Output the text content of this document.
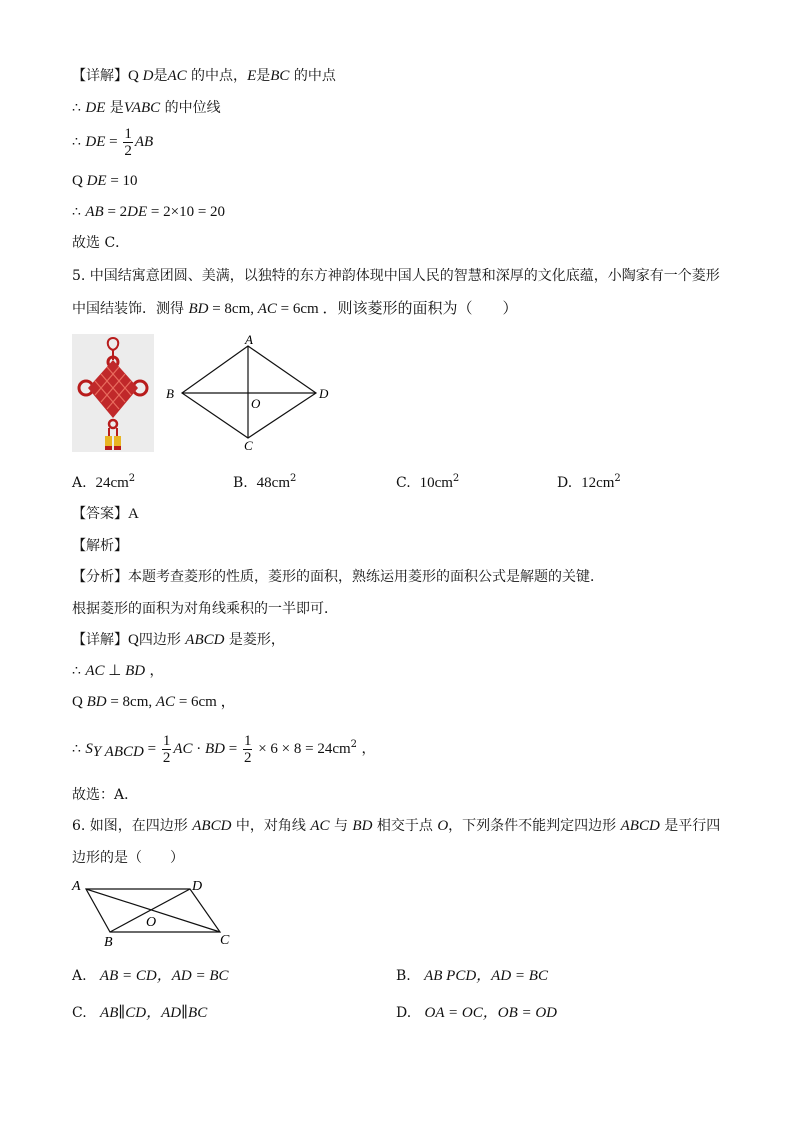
【详解】Q D是AC 的中点，E是BC 的中点
∴ DE 是VABC 的中位线
∴ DE = $\frac{1}{2}$ AB
Q DE = 10
∴ AB = 2DE = 2×10 = 20
故选 C．
5. 中国结寓意团圆、美满，以独特的东方神韵体现中国人民的智慧和深厚的文化底蕴，小陶家有一个菱形
中国结装饰．测得 BD = 8cm, AC = 6cm ．则该菱形的面积为（　　）
A
B	D
C
O
A. $24cm^2$	B. $48cm^2$	C. $10cm^2$	D. $12cm^2$
【答案】A
【解析】
【分析】本题考查菱形的性质，菱形的面积，熟练运用菱形的面积公式是解题的关键．
根据菱形的面积为对角线乘积的一半即可．
【详解】Q四边形 ABCD 是菱形，
∴ AC ⊥ BD ，
Q BD = 8cm, AC = 6cm ，
∴ $S_{Y ABCD} = \frac{1}{2}$ AC · BD = $\frac{1}{2} \times 6 \times 8 = 24cm^2$ ，
故选：A．
6. 如图，在四边形 ABCD 中，对角线 AC 与 BD 相交于点 O，下列条件不能判定四边形 ABCD 是平行四
边形的是（　　）
A	D
B	C
O
A. AB = CD，AD = BC	B. AB PCD，AD = BC
C. AB∥CD，AD∥BC	D. OA = OC，OB = OD
